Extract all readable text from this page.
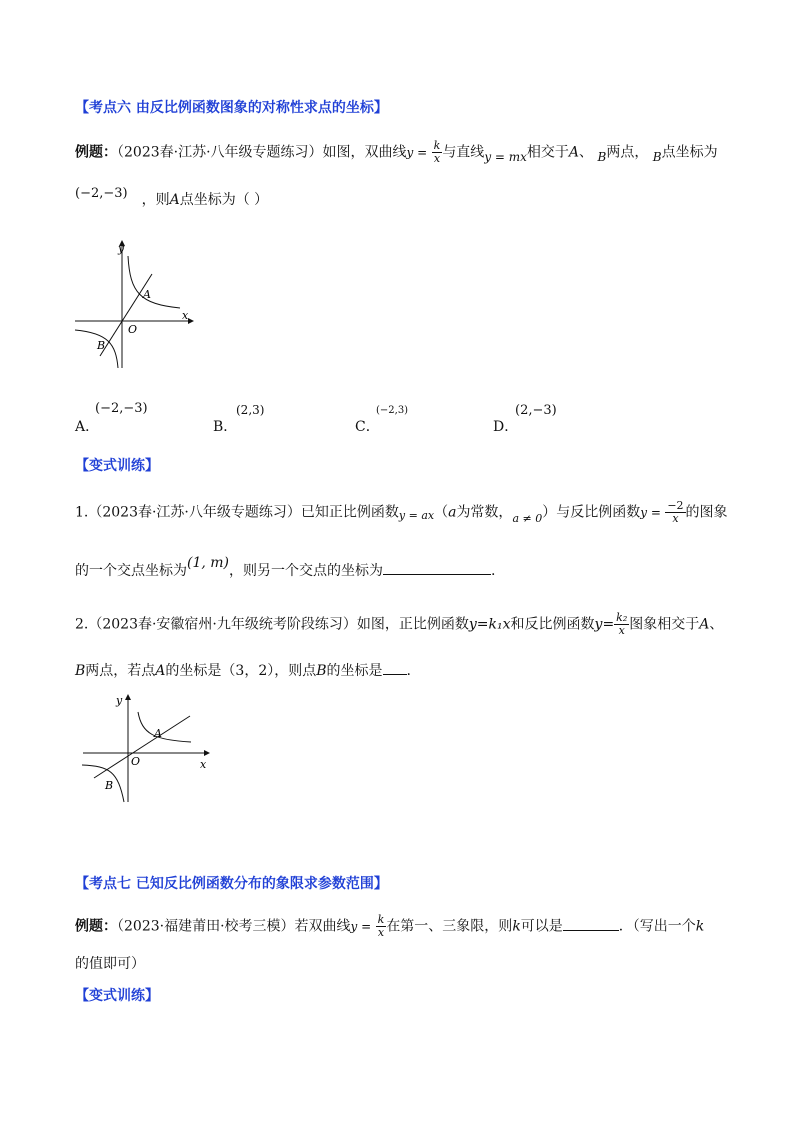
【考点六 由反比例函数图象的对称性求点的坐标】
例题：（2023春·江苏·八年级专题练习）如图，双曲线$y = \frac{k}{x}$ 与直线y = mx相交于A、 B两点， B点坐标为
(−2,−3) ，则A点坐标为（ ）
y
x
O
A
B
A．
(−2,−3)
B．
(2,3)
C．
(−2,3)
D．
(2,−3)
【变式训练】
1.（2023春·江苏·八年级专题练习）已知正比例函数y = ax（a为常数，$_{a \ne 0}$）与反比例函数$y = \frac{-2}{x}$ 的图象
的一个交点坐标为(1, m)，则另一个交点的坐标为	.
2.（2023春·安徽宿州·九年级统考阶段练习）如图，正比例函数y=k₁x和反比例函数$y= \frac{\text{k₂}}{x}$ 图象相交于A、
B两点，若点A的坐标是（3，2），则点B的坐标是 .
y
x
O
A
B
【考点七 已知反比例函数分布的象限求参数范围】
例题：（2023·福建莆田·校考三模）若双曲线$y = \frac{k}{x}$ 在第一、三象限，则k可以是	．（写出一个k
的值即可）
【变式训练】
